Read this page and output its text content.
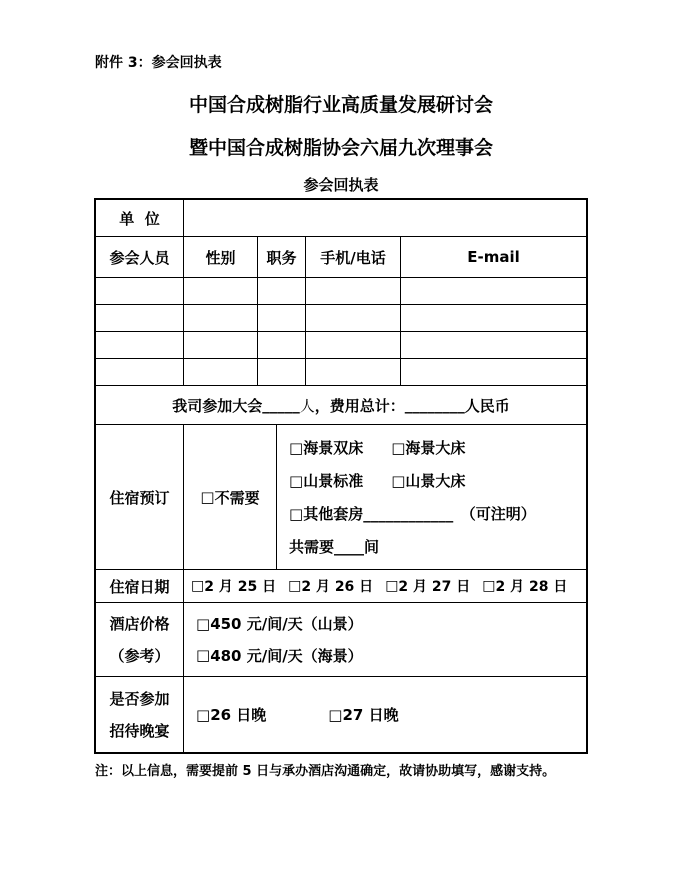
附件 3：参会回执表
中国合成树脂行业高质量发展研讨会
暨中国合成树脂协会六届九次理事会
参会回执表
单  位
参会人员 性别 职务 手机/电话	E-mail
我司参加大会 _____ 人 ，费用总计： ________ 人民币
住宿预订 □ 不需要
□ 海景双床 □ 海景大床
□ 山景标准 □ 山景大床
□ 其他套房 ____________ 　（可注明）
共需要 ____ 间
住宿日期 □ 2 月 25 日 □ 2 月 26 日 □ 2 月 27 日 □ 2 月 28 日
酒店价格
（参考）
□ 450 元/间/天（山景）
□ 480 元/间/天（海景）
是否参加
招待晚宴
□ 26 日晚	□ 27 日晚
注：以上信息，需要提前 5 日与承办酒店沟通确定，故请协助填写，感谢支持。
